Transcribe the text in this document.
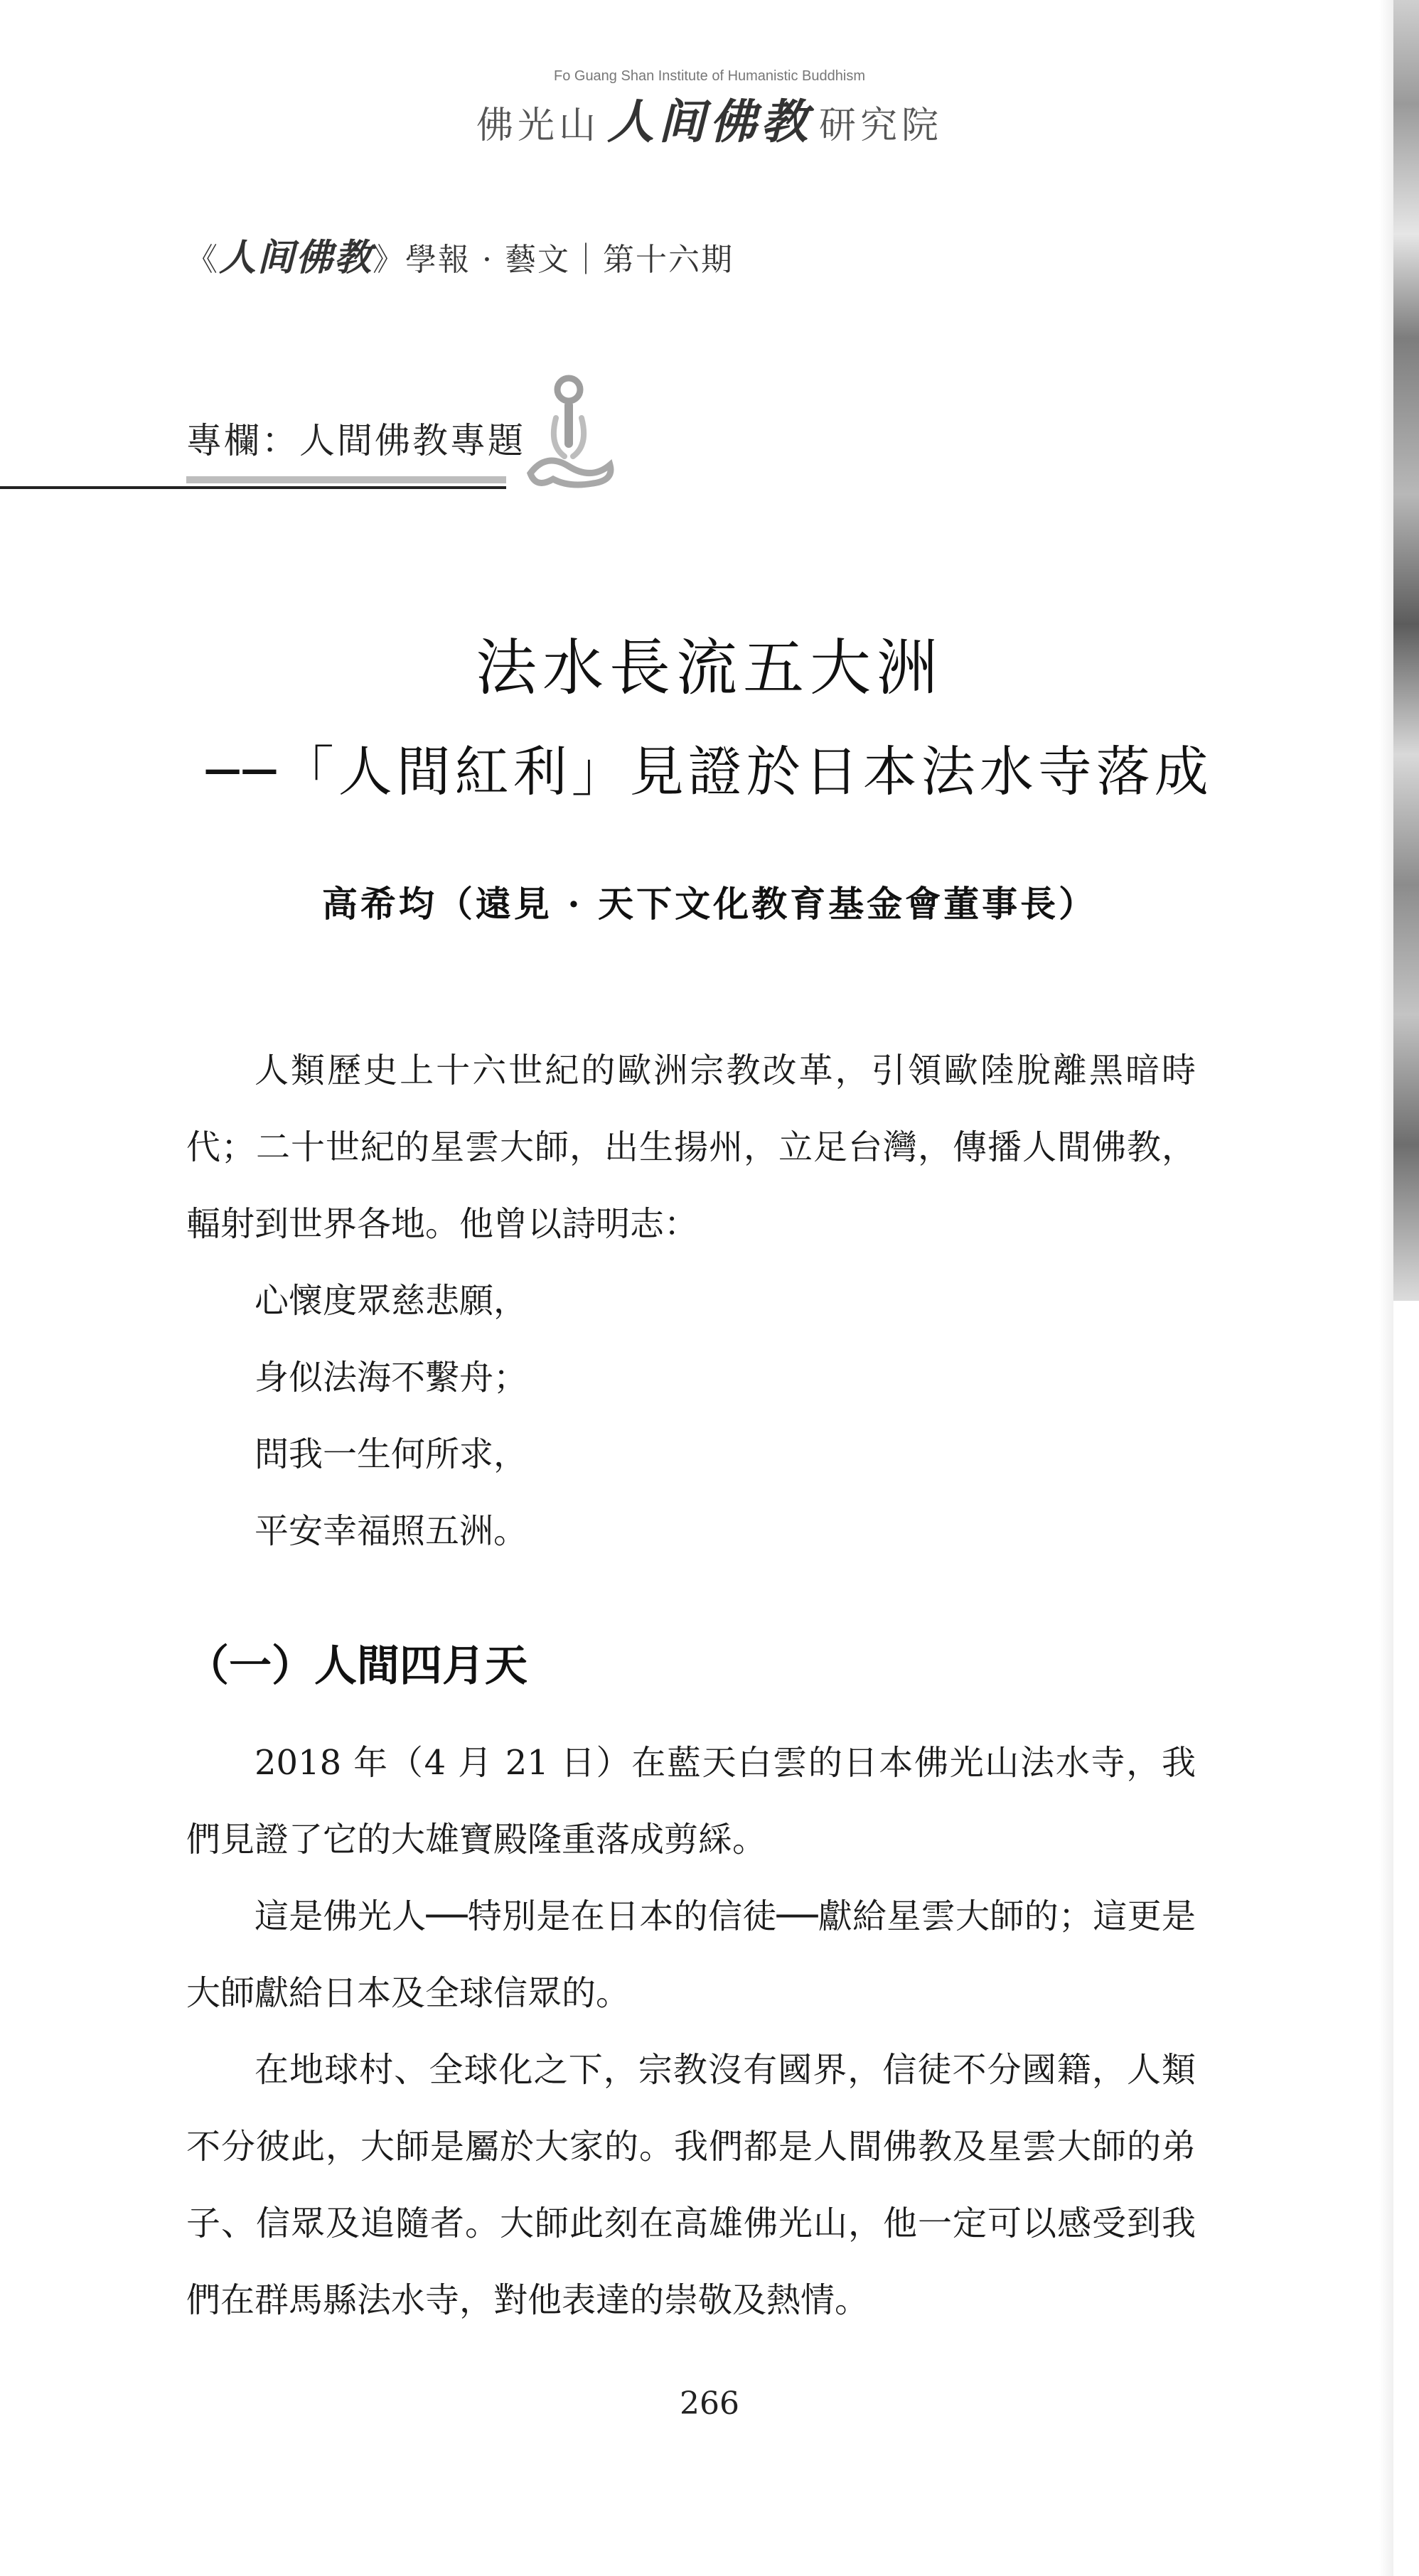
佛光山 人间佛教 研究院
Fo Guang Shan Institute of Humanistic Buddhism
《人间佛教》學報 · 藝文｜第十六期
專欄：人間佛教專題
法水長流五大洲
──「人間紅利」見證於日本法水寺落成
高希均（遠見 · 天下文化教育基金會董事長）

人類歷史上十六世紀的歐洲宗教改革，引領歐陸脫離黑暗時代；二十世紀的星雲大師，出生揚州，立足台灣，傳播人間佛教，輻射到世界各地。他曾以詩明志：

心懷度眾慈悲願，

身似法海不繫舟；

問我一生何所求，

平安幸福照五洲。

（一）人間四月天

2018 年（4 月 21 日）在藍天白雲的日本佛光山法水寺，我們見證了它的大雄寶殿隆重落成剪綵。

這是佛光人──特別是在日本的信徒──獻給星雲大師的；這更是大師獻給日本及全球信眾的。

在地球村、全球化之下，宗教沒有國界，信徒不分國籍，人類不分彼此，大師是屬於大家的。我們都是人間佛教及星雲大師的弟子、信眾及追隨者。大師此刻在高雄佛光山，他一定可以感受到我們在群馬縣法水寺，對他表達的崇敬及熱情。

266
